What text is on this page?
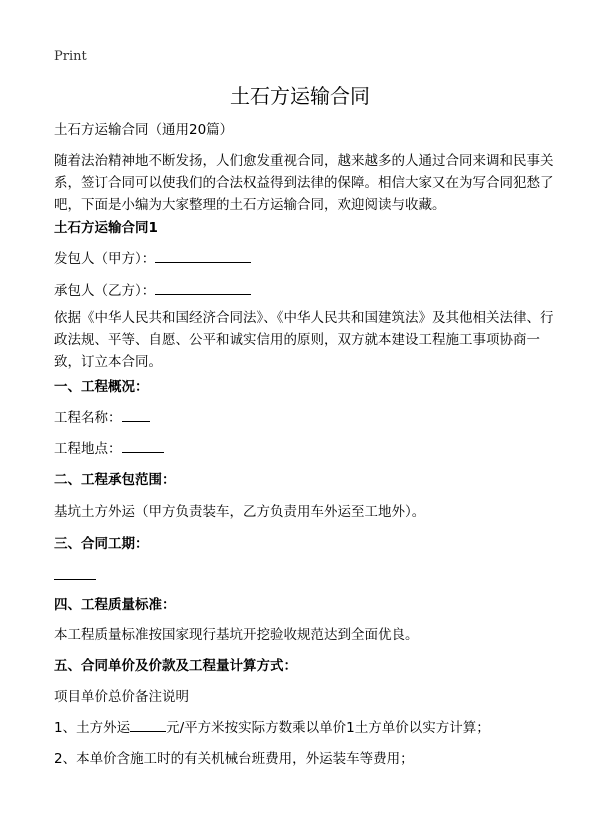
Print
土石方运输合同
土石方运输合同（通用20篇）
随着法治精神地不断发扬，人们愈发重视合同，越来越多的人通过合同来调和民事关系，签订合同可以使我们的合法权益得到法律的保障。相信大家又在为写合同犯愁了吧，下面是小编为大家整理的土石方运输合同，欢迎阅读与收藏。
土石方运输合同1
发包人（甲方）：
承包人（乙方）：
依据《中华人民共和国经济合同法》、《中华人民共和国建筑法》及其他相关法律、行政法规、平等、自愿、公平和诚实信用的原则，双方就本建设工程施工事项协商一致，订立本合同。
一、工程概况：
工程名称：
工程地点：
二、工程承包范围：
基坑土方外运（甲方负责装车，乙方负责用车外运至工地外）。
三、合同工期：
四、工程质量标准：
本工程质量标准按国家现行基坑开挖验收规范达到全面优良。
五、合同单价及价款及工程量计算方式：
项目单价总价备注说明
1、土方外运	元/平方米按实际方数乘以单价1土方单价以实方计算；
2、本单价含施工时的有关机械台班费用，外运装车等费用；
